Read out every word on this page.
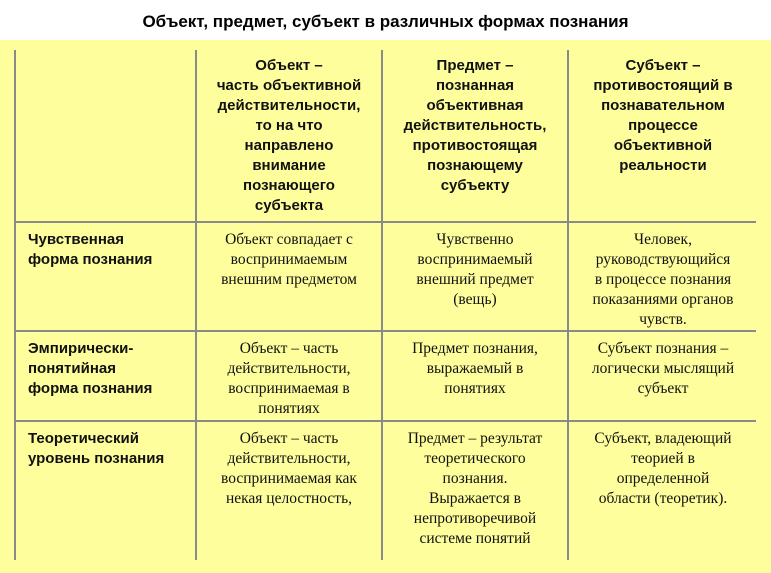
Объект, предмет, субъект в различных формах познания
Объект –
часть объективной
действительности,
то на что
направлено
внимание
познающего
субъекта
Предмет –
познанная
объективная
действительность,
противостоящая
познающему
субъекту
Субъект –
противостоящий в
познавательном
процессе
объективной
реальности
Чувственная
форма познания
Объект совпадает с
воспринимаемым
внешним предметом
Чувственно
воспринимаемый
внешний предмет
(вещь)
Человек,
руководствующийся
в процессе познания
показаниями органов
чувств.
Эмпирически-
понятийная
форма познания
Объект – часть
действительности,
воспринимаемая в
понятиях
Предмет познания,
выражаемый в
понятиях
Субъект познания –
логически мыслящий
субъект
Теоретический
уровень познания
Объект – часть
действительности,
воспринимаемая как
некая целостность,
Предмет – результат
теоретического
познания.
Выражается в
непротиворечивой
системе понятий
Субъект, владеющий
теорией в
определенной
области (теоретик).
